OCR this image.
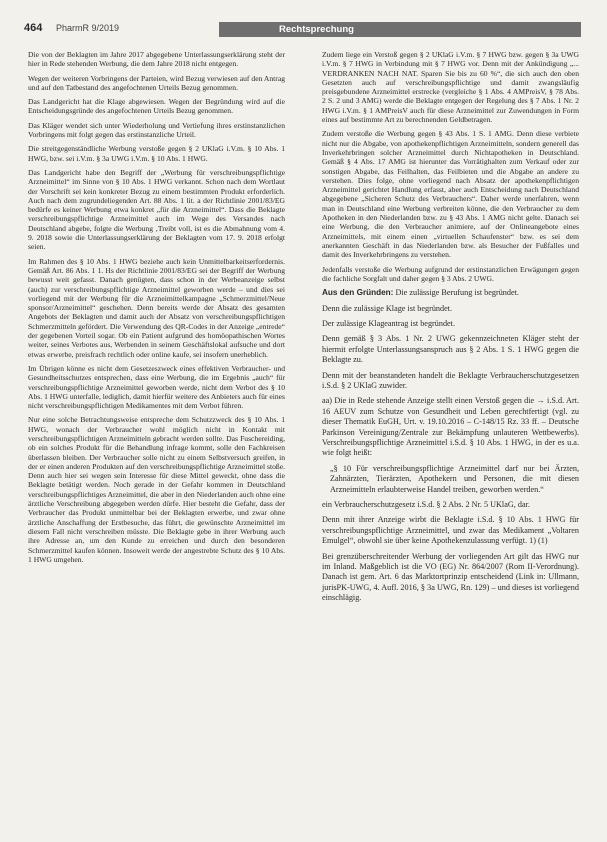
464 PharmR 9/2019	Rechtsprechung

Die von der Beklagten im Jahre 2017 abgegebene Unterlassungserklärung steht der hier in Rede stehenden Werbung, die dem Jahre 2018 nicht entgegen.

Wegen der weiteren Vorbringens der Parteien, wird Bezug verwiesen auf den Antrag und auf den Tatbestand des angefochtenen Urteils Bezug genommen.

Das Landgericht hat die Klage abgewiesen. Wegen der Begründung wird auf die Entscheidungsgründe des angefochtenen Urteils Bezug genommen.

Das Kläger wendet sich unter Wiederholung und Vertiefung ihres erstinstanzlichen Vorbringens mit folgt gegen das erstinstanzliche Urteil.

Die streitgegenständliche Werbung verstoße gegen § 2 UKlaG i.V.m. § 10 Abs. 1 HWG, bzw. sei i.V.m. § 3a UWG i.V.m. § 10 Abs. 1 HWG.

Das Landgericht habe den Begriff der „Werbung für verschreibungspflichtige Arzneimittel“ im Sinne von § 10 Abs. 1 HWG verkannt. Schon nach dem Wortlaut der Vorschrift sei kein konkreter Bezug zu einem bestimmten Produkt erforderlich. Auch nach dem zugrundeliegenden Art. 88 Abs. 1 lit. a der Richtlinie 2001/83/EG bedürfe es keiner Werbung etwa konkret „für die Arzneimittel“. Dass die Beklagte verschreibungspflichtige Arzneimittel auch im Wege des Versandes nach Deutschland abgebe, folgte die Werbung ‚Treibt voll, ist es die Abmahnung vom 4. 9. 2018 sowie die Unterlassungserklärung der Beklagten vom 17. 9. 2018 erfolgt seien.

Im Rahmen des § 10 Abs. 1 HWG beziehe auch kein Unmittelbarkeitserfordernis. Gemäß Art. 86 Abs. 1 1. Hs der Richtlinie 2001/83/EG sei der Begriff der Werbung bewusst weit gefasst. Danach genügten, dass schon in der Werbeanzeige selbst (auch) zur verschreibungspflichtige Arzneimittel geworben werde – und dies sei vorliegend mit der Werbung für die Arzneimittelkampagne „Schmerzmittel/Neue sponsor/Arzneimittel“ geschehen. Denn bereits werde der Absatz des gesamten Angebots der Beklagten und damit auch der Absatz von verschreibungspflichtigen Schmerzmitteln gefördert. Die Verwendung des QR-Codes in der Anzeige „entrede“ der gegebenen Vorteil sogar. Ob ein Patient aufgrund des homöopathischen Wortes weiter, seines Verbotes aus, Werbenden in seinem Geschäftslokal aufsuche und dort etwas erwerbe, preisfrach rechtlich oder online kaufe, sei insofern unerheblich.

Im Übrigen könne es nicht dem Gesetzeszweck eines effektiven Verbraucher- und Gesundheitsschutzes entsprechen, dass eine Werbung, die im Ergebnis „auch“ für verschreibungspflichtige Arzneimittel geworben werde, nicht dem Verbot des § 10 Abs. 1 HWG unterfalle, lediglich, damit hierfür weitere des Anbieters auch für eines nicht verschreibungspflichtigen Medikamentes mit dem Verbot führen.

Nur eine solche Betrachtungsweise entspreche dem Schutzzweck des § 10 Abs. 1 HWG, wonach der Verbraucher wohl möglich nicht in Kontakt mit verschreibungspflichtigen Arzneimitteln gebracht werden sollte. Das Fuschereiding, ob ein solches Produkt für die Behandlung infrage kommt, solle den Fachkreisen überlassen bleiben. Der Verbraucher solle nicht zu einem Selbstversuch greifen, in der er einen anderen Produkten auf den verschreibungspflichtige Arzneimittel stoße. Denn auch hier sei wegen sein Interesse für diese Mittel geweckt, ohne dass die Beklagte betätigt werden. Noch gerade in der Gefahr kommen in Deutschland verschreibungspflichtiges Arzneimittel, die aber in den Niederlanden auch ohne eine ärztliche Verschreibung abgegeben werden dürfe. Hier besteht die Gefahr, dass der Verbraucher das Produkt unmittelbar bei der Beklagten erwerbe, und zwar ohne ärztliche Anschaffung der Erstbesuche, das führt, die gewünschte Arzneimittel im diesem Fall nicht verschreiben müsste. Die Beklagte gebe in ihrer Werbung auch ihre Adresse an, um den Kunde zu erreichen und durch den besonderen Schmerzmittel kaufen können. Insoweit werde der angestrebte Schutz des § 10 Abs. 1 HWG umgehen.

Zudem liege ein Verstoß gegen § 2 UKlaG i.V.m. § 7 HWG bzw. gegen § 3a UWG i.V.m. § 7 HWG in Verbindung mit § 7 HWG vor. Denn mit der Ankündigung „... VERDRANKEN NACH NAT. Sparen Sie bis zu 60 %“, die sich auch den oben Gesetzten auch auf verschreibungspflichtige und damit zwangsläufig preisgebundene Arzneimittel erstrecke (vergleiche § 1 Abs. 4 AMPreisV, § 78 Abs. 2 S. 2 und 3 AMG) werde die Beklagte entgegen der Regelung des § 7 Abs. 1 Nr. 2 HWG i.V.m. § 1 AMPreisV auch für diese Arzneimittel zur Zuwendungen in Form eines auf bestimmte Art zu berechnenden Geldbetragen.

Zudem verstoße die Werbung gegen § 43 Abs. 1 S. 1 AMG. Denn diese verbiete nicht nur die Abgabe, von apothekenpflichtigen Arzneimitteln, sondern generell das Inverkehrbringen solcher Arzneimittel durch Nichtapotheken in Deutschland. Gemäß § 4 Abs. 17 AMG ist hierunter das Vorrätighalten zum Verkauf oder zur sonstigen Abgabe, das Feilhalten, das Feilbieten und die Abgabe an andere zu verstehen. Dies folge, ohne vorliegend nach Absatz der apothekenpflichtigen Arzneimittel gerichtet Handlung erfasst, aber auch Entscheidung nach Deutschland abgegebene „Sicheren Schutz des Verbrauchers“. Daher werde unerfahren, wenn man in Deutschland eine Werbung verbreiten könne, die den Verbraucher zu dem Apotheken in den Niederlanden bzw. zu § 43 Abs. 1 AMG nicht gelte. Danach sei eine Werbung, die den Verbraucher animiere, auf der Onlineangebote eines Arzneimittels, mit einem einen „virtuellen Schaufenster“ bzw. es sei dem anerkannten Geschäft in das Niederlanden bzw. als Besucher der Fußfalles und damit des Inverkehrbringens zu verstehen.

Jedenfalls verstoße die Werbung aufgrund der erstinstanzlichen Erwägungen gegen die fachliche Sorgfalt und daher gegen § 3 Abs. 2 UWG.

Aus den Gründen: Die zulässige Berufung ist begründet.

Denn die zulässige Klage ist begründet.

Der zulässige Klageantrag ist begründet.

Denn gemäß § 3 Abs. 1 Nr. 2 UWG gekennzeichneten Kläger steht der hiermit erfolgte Unterlassungsanspruch aus § 2 Abs. 1 S. 1 HWG gegen die Beklagte zu.

Denn mit der beanstandeten handelt die Beklagte Verbraucherschutzgesetzen i.S.d. § 2 UKlaG zuwider.

aa) Die in Rede stehende Anzeige stellt einen Verstoß gegen die → i.S.d. Art. 16 AEUV zum Schutze von Gesundheit und Leben gerechtfertigt (vgl. zu dieser Thematik EuGH, Urt. v. 19.10.2016 – C-148/15 Rz. 33 ff. – Deutsche Parkinson Vereinigung/Zentrale zur Bekämpfung unlauteren Wettbewerbs). Verschreibungspflichtige Arzneimittel i.S.d. § 10 Abs. 1 HWG, in der es u.a. wie folgt heißt:

„§ 10 Für verschreibungspflichtige Arzneimittel darf nur bei Ärzten, Zahnärzten, Tierärzten, Apothekern und Personen, die mit diesen Arzneimitteln erlaubterweise Handel treiben, geworben werden.“

ein Verbraucherschutzgesetz i.S.d. § 2 Abs. 2 Nr. 5 UKlaG, dar.

Denn mit ihrer Anzeige wirbt die Beklagte i.S.d. § 10 Abs. 1 HWG für verschreibungspflichtige Arzneimittel, und zwar das Medikament „Voltaren Emulgel“, obwohl sie über keine Apothekenzulassung verfügt. 1) (1)

Bei grenzüberschreitender Werbung der vorliegenden Art gilt das HWG nur im Inland. Maßgeblich ist die VO (EG) Nr. 864/2007 (Rom II-Verordnung). Danach ist gem. Art. 6 das Marktortprinzip entscheidend (Link in: Ullmann, jurisPK-UWG, 4. Aufl. 2016, § 3a UWG, Rn. 129) – und dieses ist vorliegend einschlägig.
